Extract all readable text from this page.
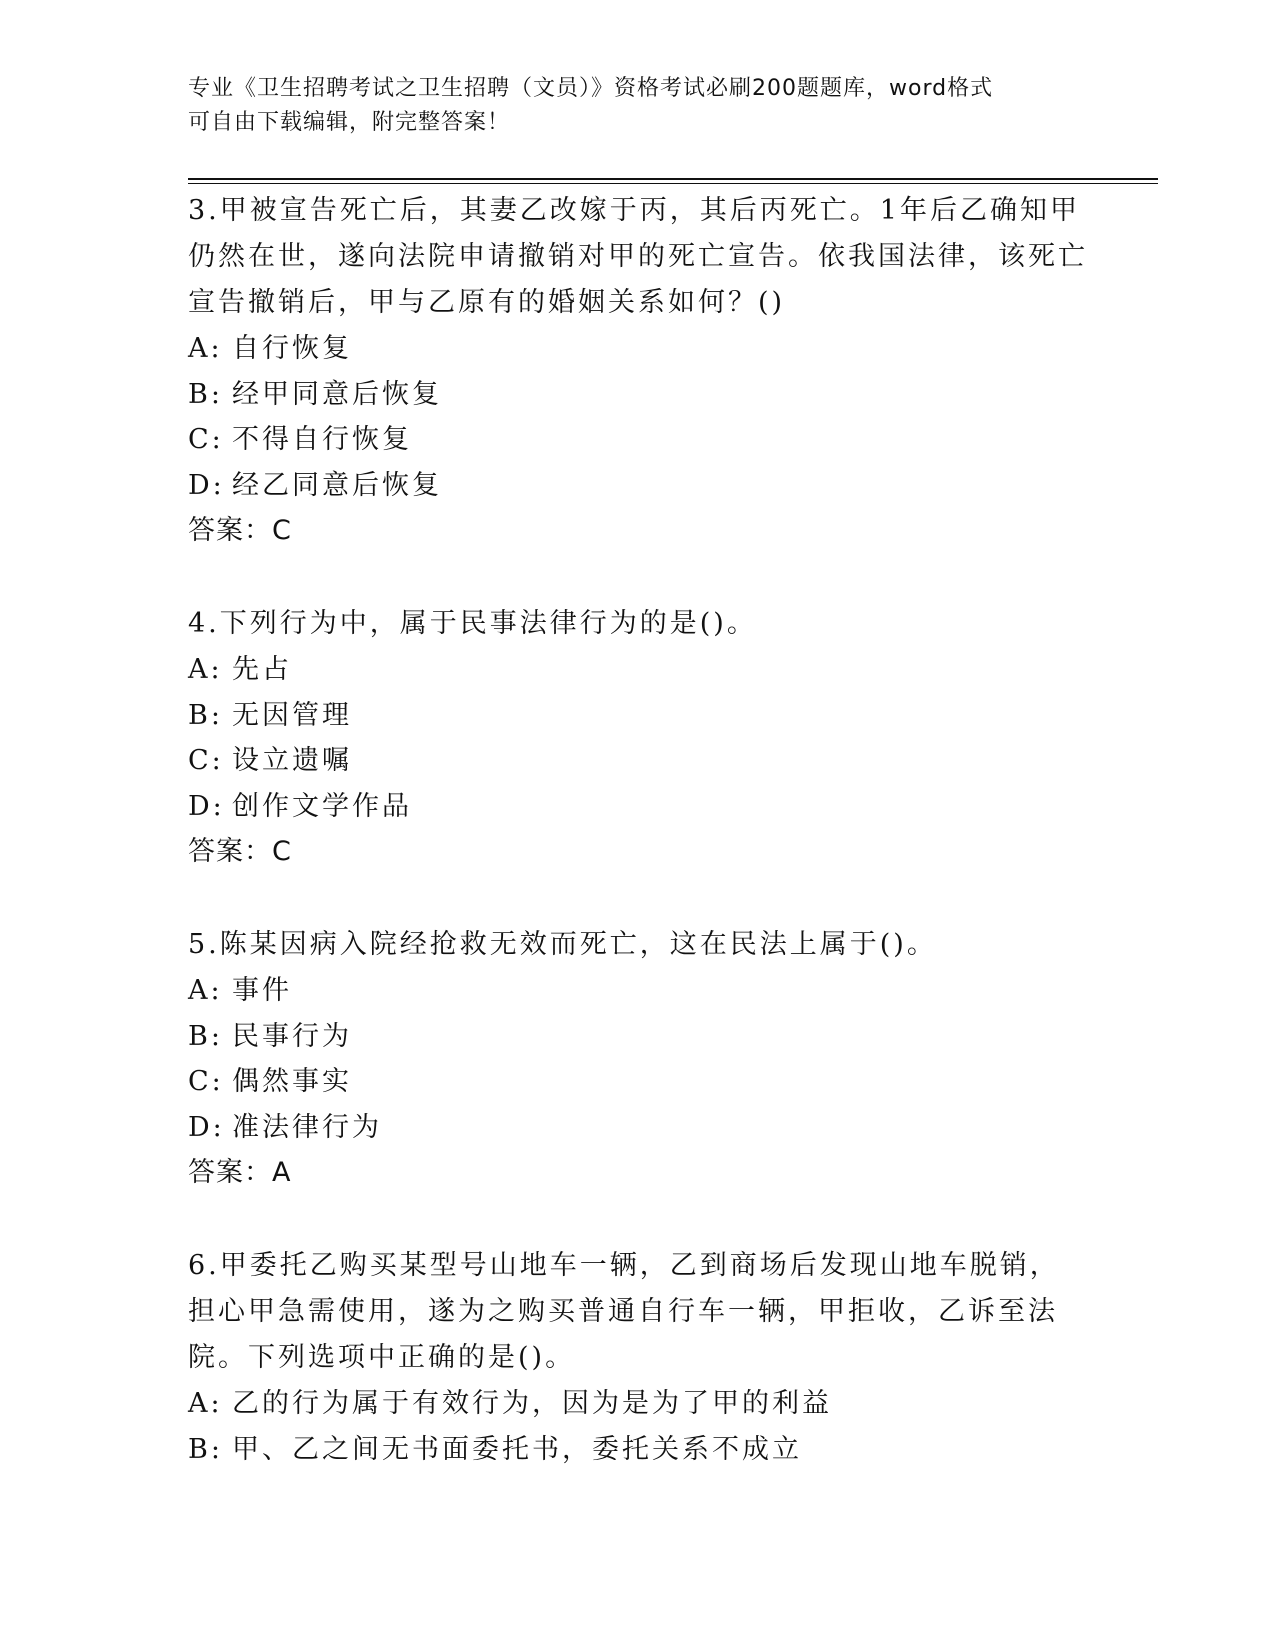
专业《卫生招聘考试之卫生招聘（文员）》资格考试必刷200题题库，word格式
可自由下载编辑，附完整答案！

3.甲被宣告死亡后，其妻乙改嫁于丙，其后丙死亡。1年后乙确知甲仍然在世，遂向法院申请撤销对甲的死亡宣告。依我国法律，该死亡宣告撤销后，甲与乙原有的婚姻关系如何？()

A: 自行恢复
B: 经甲同意后恢复
C: 不得自行恢复
D: 经乙同意后恢复
答案：C

4.下列行为中，属于民事法律行为的是()。

A: 先占
B: 无因管理
C: 设立遗嘱
D: 创作文学作品
答案：C

5.陈某因病入院经抢救无效而死亡，这在民法上属于()。

A: 事件
B: 民事行为
C: 偶然事实
D: 准法律行为
答案：A

6.甲委托乙购买某型号山地车一辆，乙到商场后发现山地车脱销，担心甲急需使用，遂为之购买普通自行车一辆，甲拒收，乙诉至法院。下列选项中正确的是()。

A: 乙的行为属于有效行为，因为是为了甲的利益
B: 甲、乙之间无书面委托书，委托关系不成立
